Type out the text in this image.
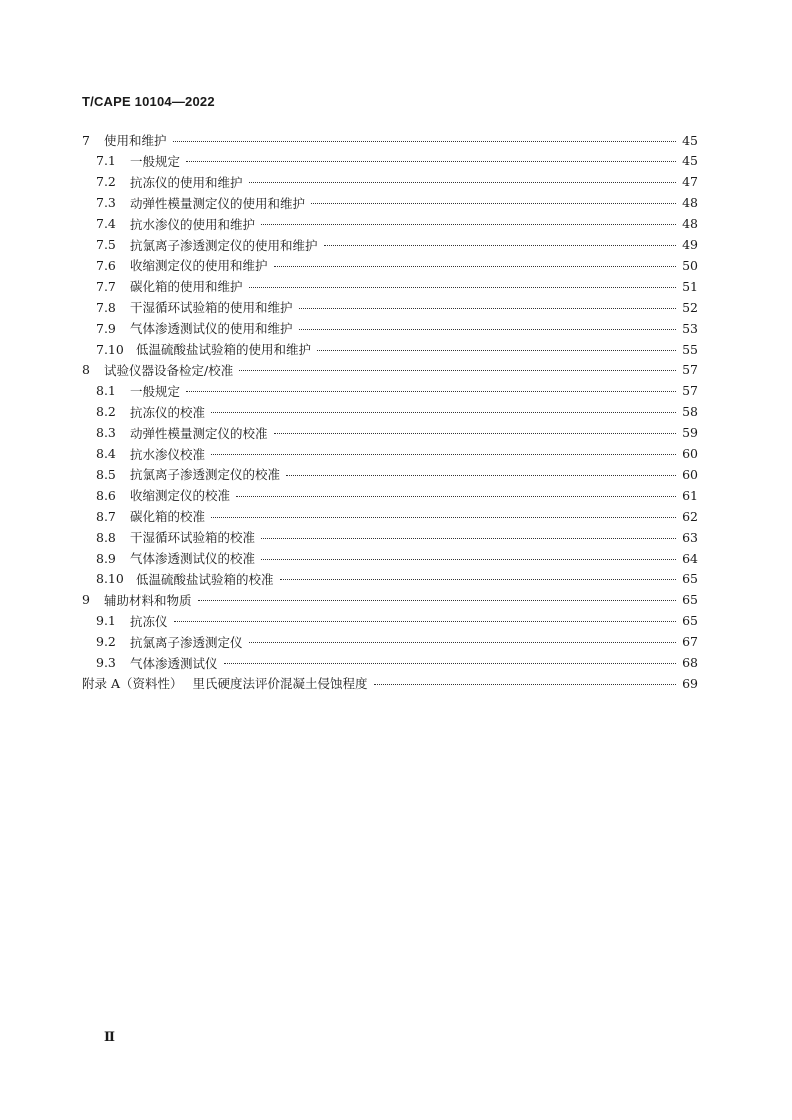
T/CAPE 10104—2022
7	使用和维护	45
7.1	一般规定	45
7.2	抗冻仪的使用和维护	47
7.3	动弹性模量测定仪的使用和维护	48
7.4	抗水渗仪的使用和维护	48
7.5	抗氯离子渗透测定仪的使用和维护	49
7.6	收缩测定仪的使用和维护	50
7.7	碳化箱的使用和维护	51
7.8	干湿循环试验箱的使用和维护	52
7.9	气体渗透测试仪的使用和维护	53
7.10 低温硫酸盐试验箱的使用和维护	55
8	试验仪器设备检定/校准	57
8.1	一般规定	57
8.2	抗冻仪的校准	58
8.3	动弹性模量测定仪的校准	59
8.4	抗水渗仪校准	60
8.5	抗氯离子渗透测定仪的校准	60
8.6	收缩测定仪的校准	61
8.7	碳化箱的校准	62
8.8	干湿循环试验箱的校准	63
8.9	气体渗透测试仪的校准	64
8.10 低温硫酸盐试验箱的校准	65
9	辅助材料和物质	65
9.1	抗冻仪	65
9.2	抗氯离子渗透测定仪	67
9.3	气体渗透测试仪	68
附录 A（资料性） 里氏硬度法评价混凝土侵蚀程度	69
Ⅱ
